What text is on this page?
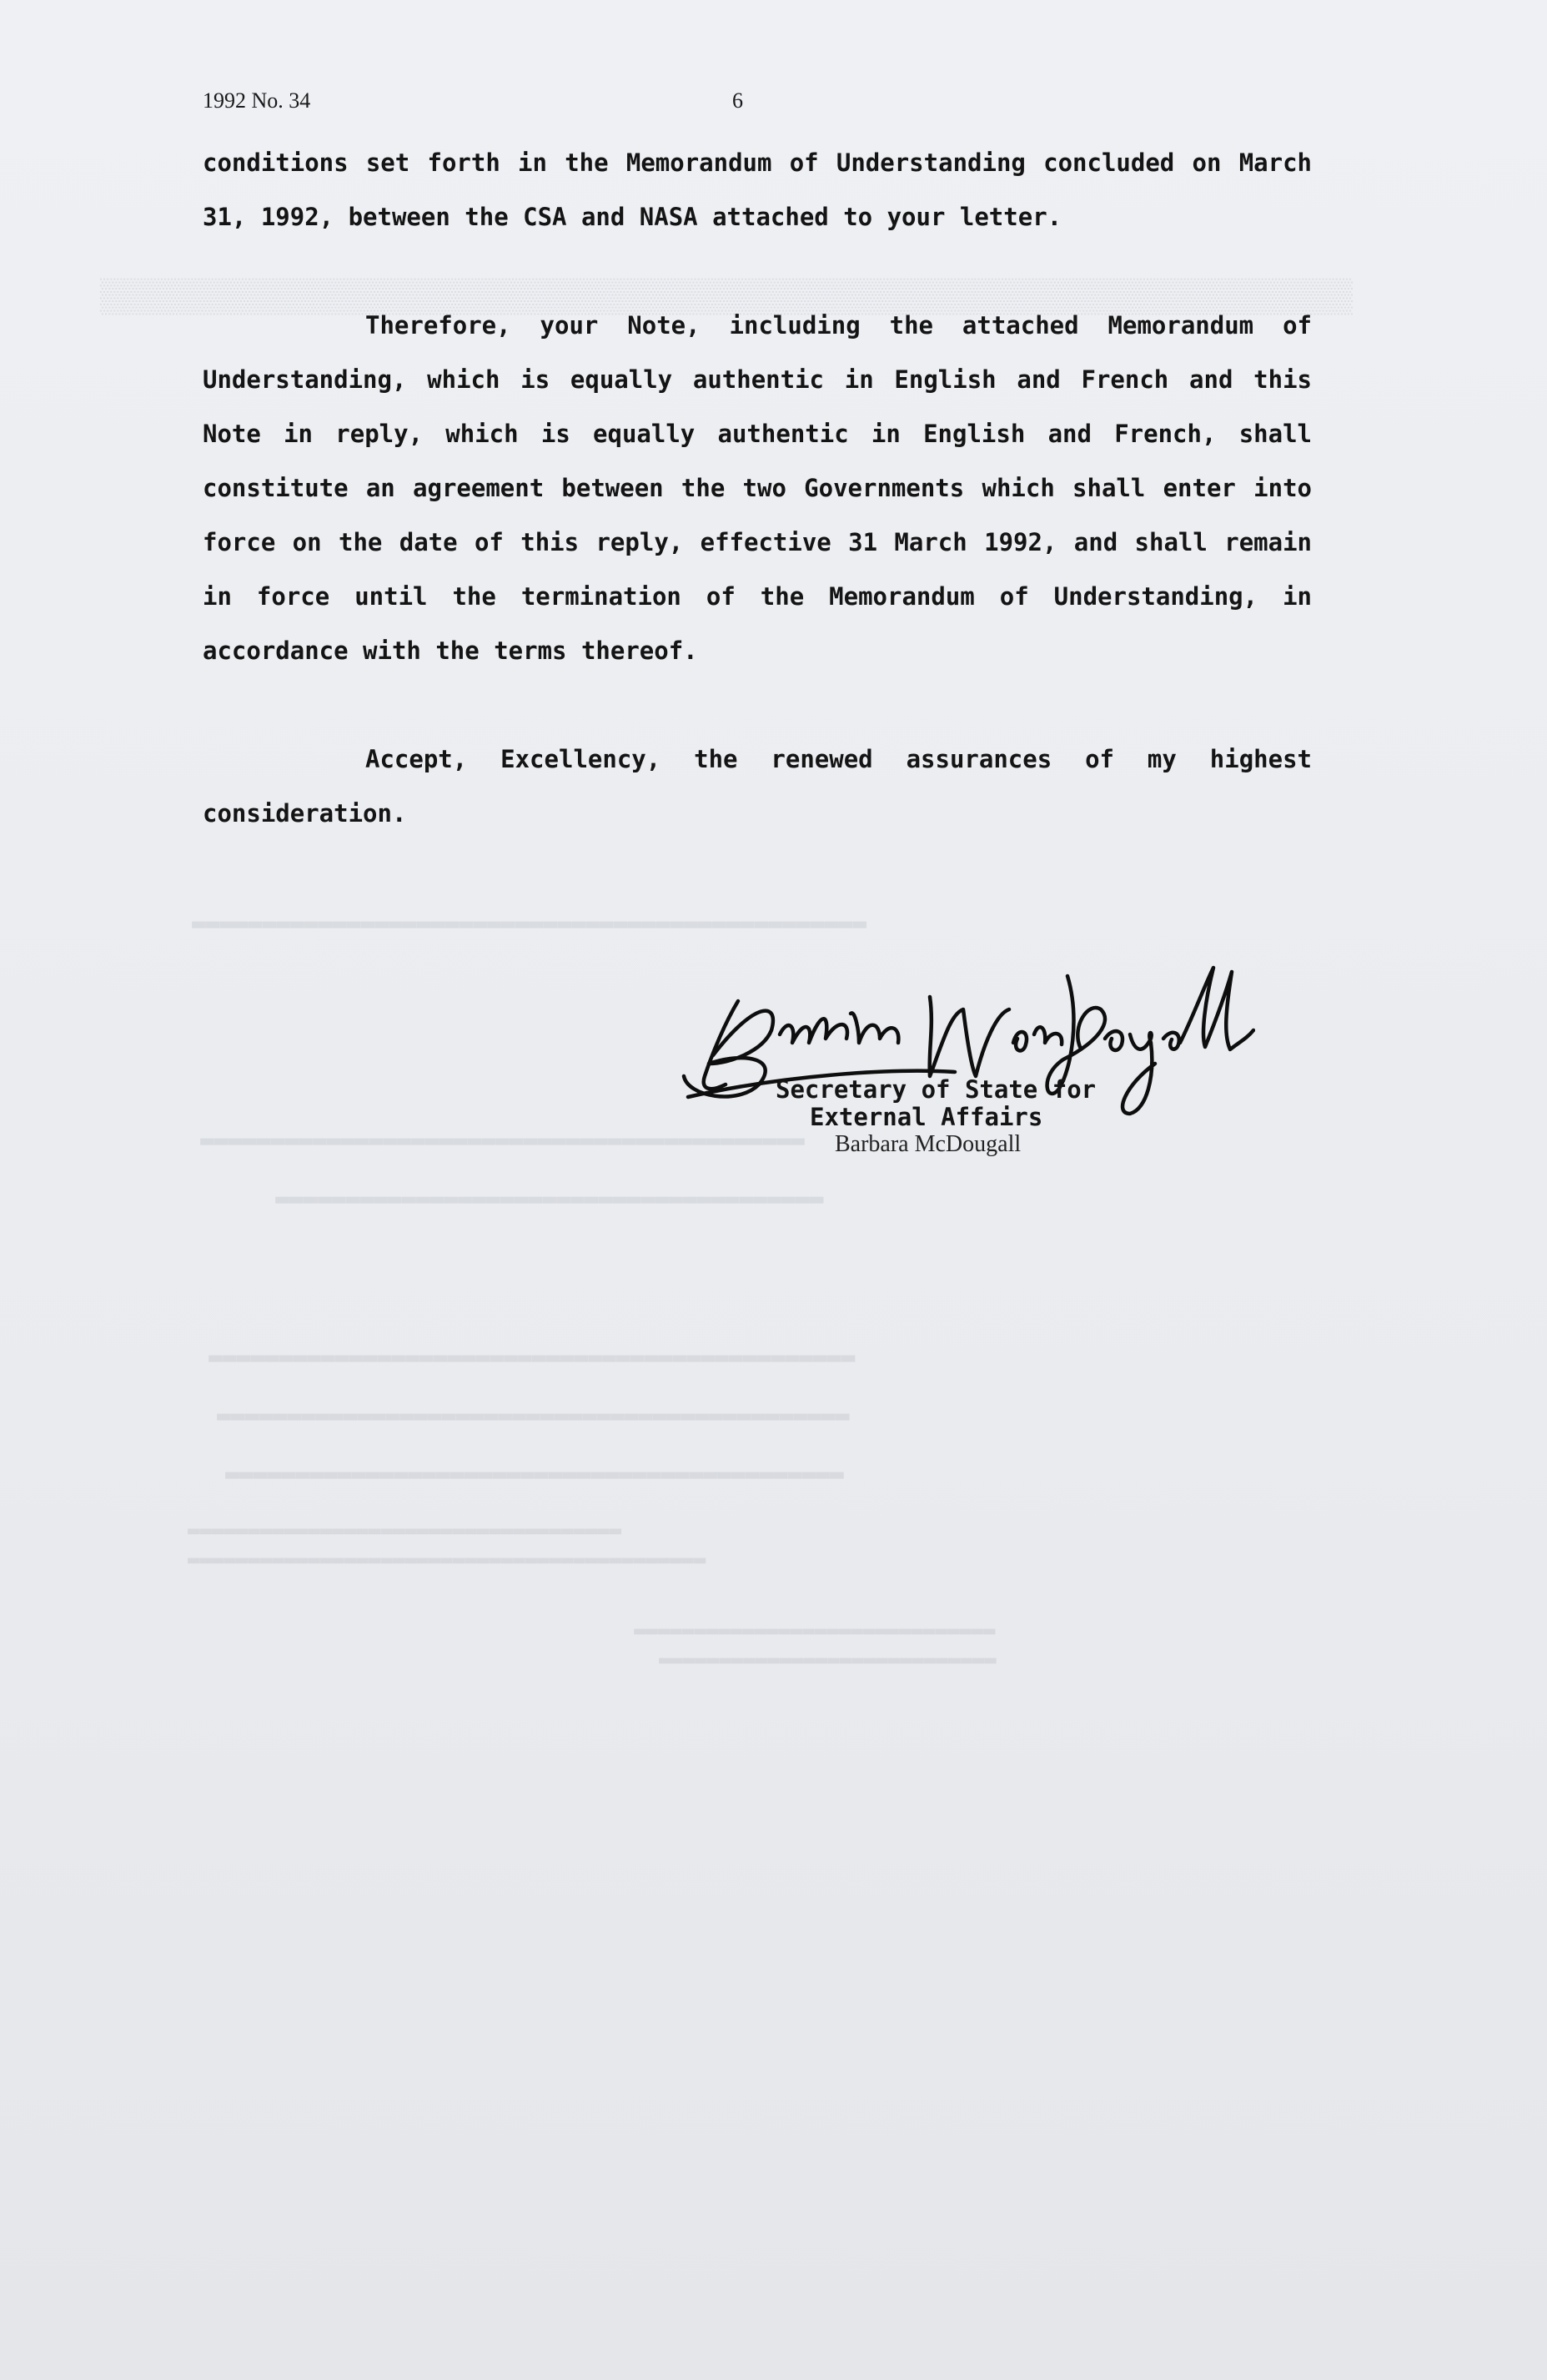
▒▒▒▒▒▒▒▒▒▒▒▒▒▒▒▒▒▒▒▒▒▒▒▒▒▒▒▒▒▒▒▒▒▒▒▒▒▒▒▒▒▒▒▒▒▒▒▒▒▒▒▒▒
▬▬▬▬▬▬▬▬▬▬▬▬▬▬▬▬▬▬▬▬▬▬▬▬▬▬▬▬▬▬▬▬▬▬▬▬▬▬▬▬▬▬▬▬▬▬▬▬
▬▬▬▬▬▬▬▬▬▬▬▬▬▬▬▬▬▬▬▬▬▬▬▬▬▬▬▬▬▬▬▬▬▬▬▬▬▬▬▬▬▬▬
▬▬▬▬▬▬▬▬▬▬▬▬▬▬▬▬▬▬▬▬▬▬▬▬▬▬▬▬▬▬▬▬▬▬▬▬▬▬▬
▬▬▬▬▬▬▬▬▬▬▬▬▬▬▬▬▬▬▬▬▬▬▬▬▬▬▬▬▬▬▬▬▬▬▬▬▬▬▬▬▬▬▬▬▬▬
▬▬▬▬▬▬▬▬▬▬▬▬▬▬▬▬▬▬▬▬▬▬▬▬▬▬▬▬▬▬▬▬▬▬▬▬▬▬▬▬▬▬▬▬▬
▬▬▬▬▬▬▬▬▬▬▬▬▬▬▬▬▬▬▬▬▬▬▬▬▬▬▬▬▬▬▬▬▬▬▬▬▬▬▬▬▬▬▬▬
▬▬▬▬▬▬▬▬▬▬▬▬▬▬▬▬▬▬▬▬▬▬▬▬▬▬▬▬▬▬▬▬▬▬▬▬
▬▬▬▬▬▬▬▬▬▬▬▬▬▬▬▬▬▬▬▬▬▬▬▬▬▬▬▬▬▬▬▬▬▬▬▬▬▬▬▬▬▬▬
▬▬▬▬▬▬▬▬▬▬▬▬▬▬▬▬▬▬▬▬▬▬▬▬▬▬▬▬▬▬
▬▬▬▬▬▬▬▬▬▬▬▬▬▬▬▬▬▬▬▬▬▬▬▬▬▬▬▬
1992 No. 34	6

conditions set forth in the Memorandum of Understanding concluded on March 31, 1992, between the CSA and NASA attached to your letter.

Therefore, your Note, including the attached Memorandum of Understanding, which is equally authentic in English and French and this Note in reply, which is equally authentic in English and French, shall constitute an agreement between the two Governments which shall enter into force on the date of this reply, effective 31 March 1992, and shall remain in force until the termination of the Memorandum of Understanding, in accordance with the terms thereof.

Accept, Excellency, the renewed assurances of my highest consideration.

Secretary of State for
External Affairs
Barbara McDougall
